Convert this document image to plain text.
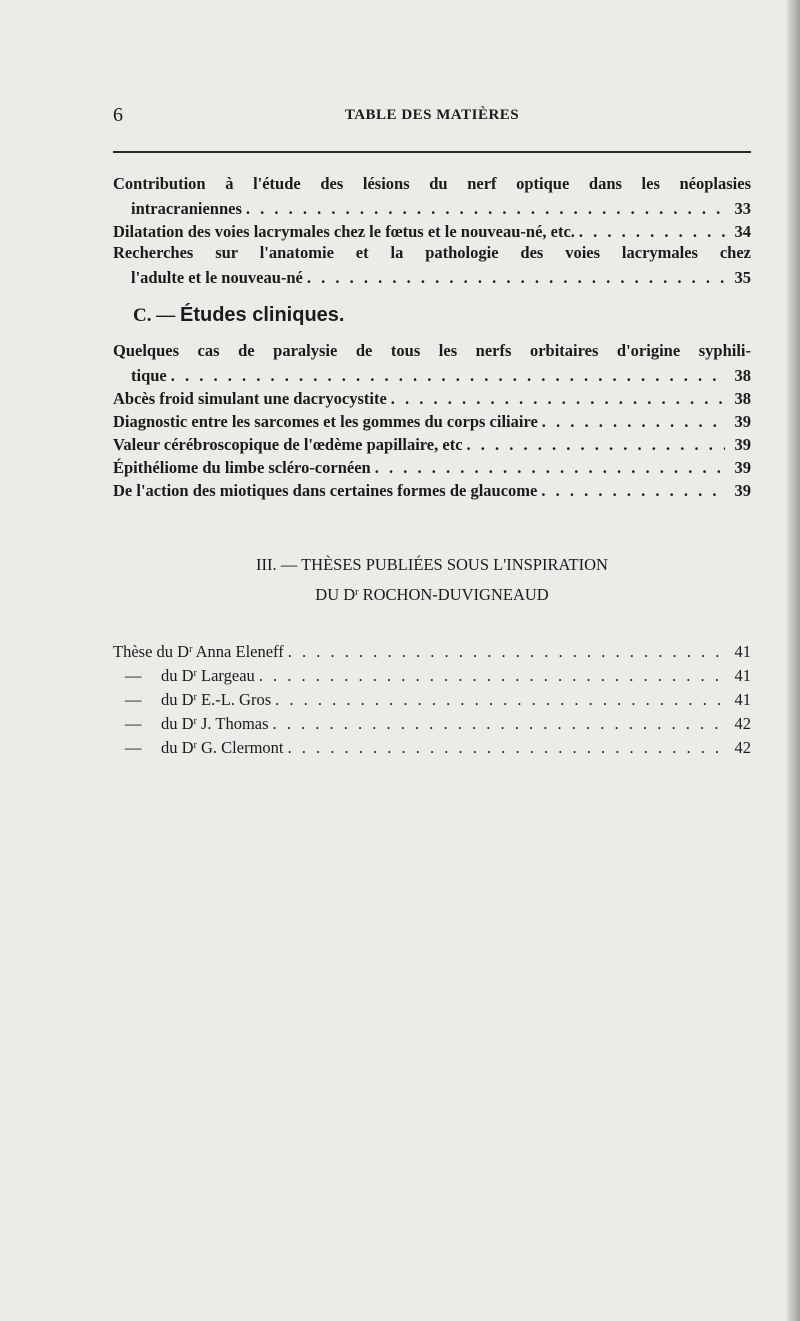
6	TABLE DES MATIÈRES
Contribution à l'étude des lésions du nerf optique dans les néoplasies
intracraniennes . . .	33
Dilatation des voies lacrymales chez le fœtus et le nouveau-né, etc. . . .	34
Recherches sur l'anatomie et la pathologie des voies lacrymales chez
l'adulte et le nouveau-né . . .	35
C. — Études cliniques.
Quelques cas de paralysie de tous les nerfs orbitaires d'origine syphili-
tique . . .	38
Abcès froid simulant une dacryocystite . . .	38
Diagnostic entre les sarcomes et les gommes du corps ciliaire . . .	39
Valeur cérébroscopique de l'œdème papillaire, etc . . .	39
Épithéliome du limbe scléro-cornéen . . .	39
De l'action des miotiques dans certaines formes de glaucome . . .	39
III. — THÈSES PUBLIÉES SOUS L'INSPIRATION
DU $D^r$ ROCHON-DUVIGNEAUD
Thèse du $D^r$ Anna Eleneff . . .	41
— du $D^r$ Largeau . . .	41
— du $D^r$ E.-L. Gros . . .	41
— du $D^r$ J. Thomas . . .	42
— du $D^r$ G. Clermont . . .	42
